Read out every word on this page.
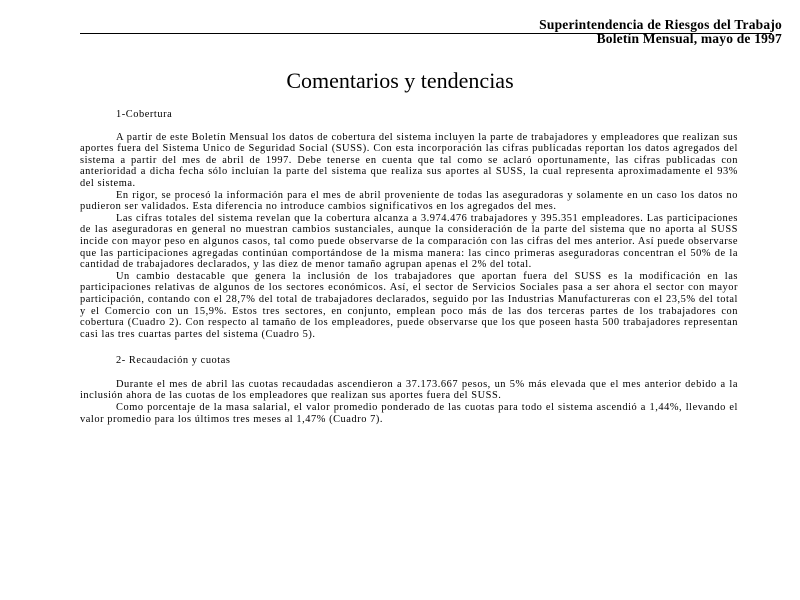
Superintendencia de Riesgos del Trabajo
Boletín Mensual, mayo de 1997
Comentarios y tendencias
1-Cobertura

A partir de este Boletín Mensual los datos de cobertura del sistema incluyen la parte de trabajadores y empleadores que realizan sus aportes fuera del Sistema Unico de Seguridad Social (SUSS). Con esta incorporación las cifras publicadas reportan los datos agregados del sistema a partir del mes de abril de 1997. Debe tenerse en cuenta que tal como se aclaró oportunamente, las cifras publicadas con anterioridad a dicha fecha sólo incluían la parte del sistema que realiza sus aportes al SUSS, la cual representa aproximadamente el 93% del sistema.

En rigor, se procesó la información para el mes de abril proveniente de todas las aseguradoras y solamente en un caso los datos no pudieron ser validados. Esta diferencia no introduce cambios significativos en los agregados del mes.

Las cifras totales del sistema revelan que la cobertura alcanza a 3.974.476 trabajadores y 395.351 empleadores. Las participaciones de las aseguradoras en general no muestran cambios sustanciales, aunque la consideración de la parte del sistema que no aporta al SUSS incide con mayor peso en algunos casos, tal como puede observarse de la comparación con las cifras del mes anterior. Así puede observarse que las participaciones agregadas continúan comportándose de la misma manera: las cinco primeras aseguradoras concentran el 50% de la cantidad de trabajadores declarados, y las diez de menor tamaño agrupan apenas el 2% del total.

Un cambio destacable que genera la inclusión de los trabajadores que aportan fuera del SUSS es la modificación en las participaciones relativas de algunos de los sectores económicos. Así, el sector de Servicios Sociales pasa a ser ahora el sector con mayor participación, contando con el 28,7% del total de trabajadores declarados, seguido por las Industrias Manufactureras con el 23,5% del total y el Comercio con un 15,9%. Estos tres sectores, en conjunto, emplean poco más de las dos terceras partes de los trabajadores con cobertura (Cuadro 2). Con respecto al tamaño de los empleadores, puede observarse que los que poseen hasta 500 trabajadores representan casi las tres cuartas partes del sistema (Cuadro 5).

2- Recaudación y cuotas

Durante el mes de abril las cuotas recaudadas ascendieron a 37.173.667 pesos, un 5% más elevada que el mes anterior debido a la inclusión ahora de las cuotas de los empleadores que realizan sus aportes fuera del SUSS.

Como porcentaje de la masa salarial, el valor promedio ponderado de las cuotas para todo el sistema ascendió a 1,44%, llevando el valor promedio para los últimos tres meses al 1,47% (Cuadro 7).
